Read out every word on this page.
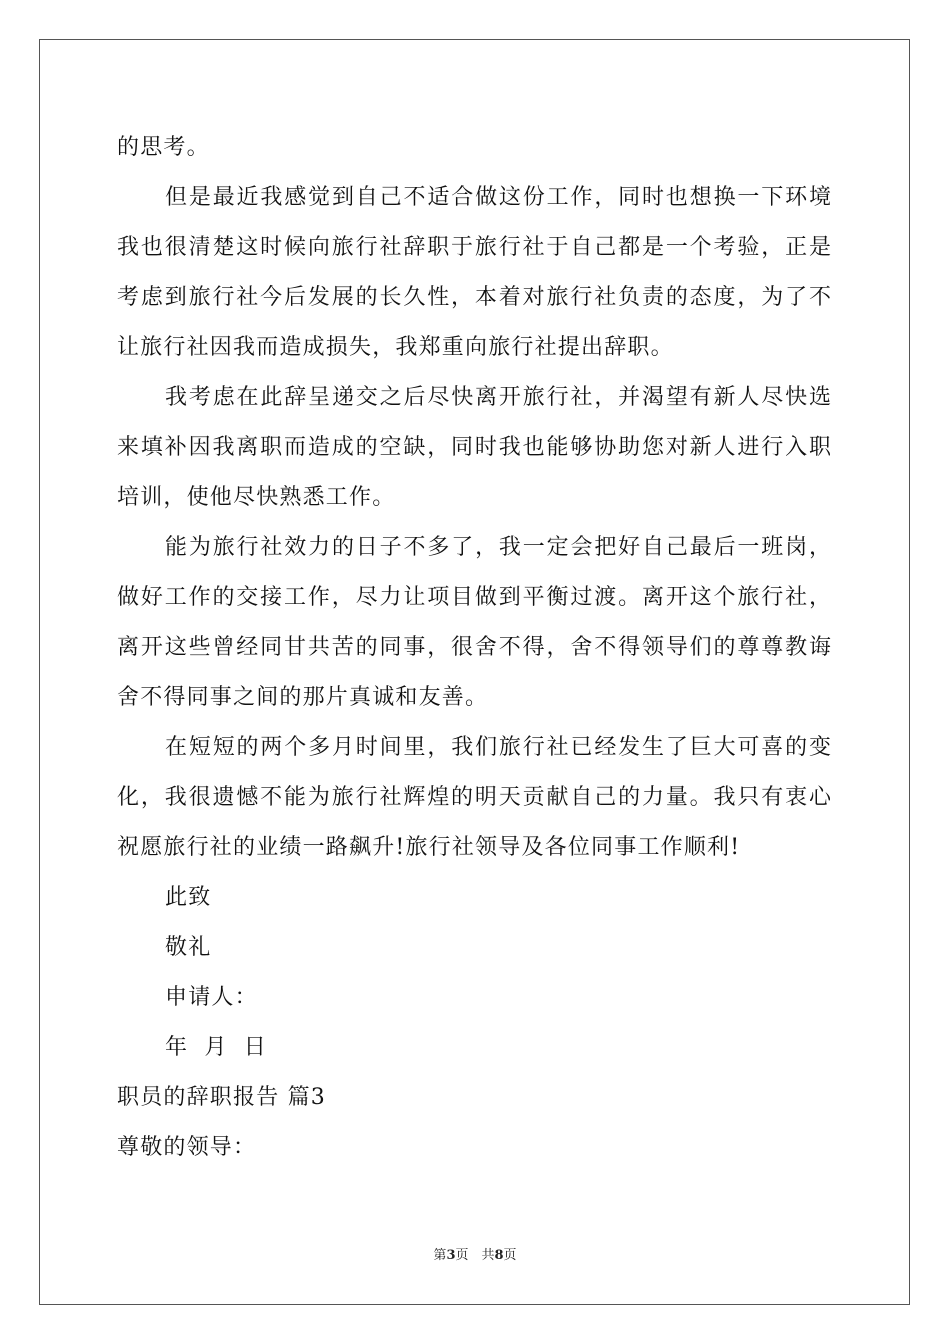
的思考。
但是最近我感觉到自己不适合做这份工作，同时也想换一下环境
我也很清楚这时候向旅行社辞职于旅行社于自己都是一个考验，正是
考虑到旅行社今后发展的长久性，本着对旅行社负责的态度，为了不
让旅行社因我而造成损失，我郑重向旅行社提出辞职。
我考虑在此辞呈递交之后尽快离开旅行社，并渴望有新人尽快选
来填补因我离职而造成的空缺，同时我也能够协助您对新人进行入职
培训，使他尽快熟悉工作。
能为旅行社效力的日子不多了，我一定会把好自己最后一班岗，
做好工作的交接工作，尽力让项目做到平衡过渡。离开这个旅行社，
离开这些曾经同甘共苦的同事，很舍不得，舍不得领导们的尊尊教诲
舍不得同事之间的那片真诚和友善。
在短短的两个多月时间里，我们旅行社已经发生了巨大可喜的变
化，我很遗憾不能为旅行社辉煌的明天贡献自己的力量。我只有衷心
祝愿旅行社的业绩一路飙升!旅行社领导及各位同事工作顺利!
此致
敬礼
申请人：
年 月 日
职员的辞职报告 篇3
尊敬的领导：
第3页　共8页
